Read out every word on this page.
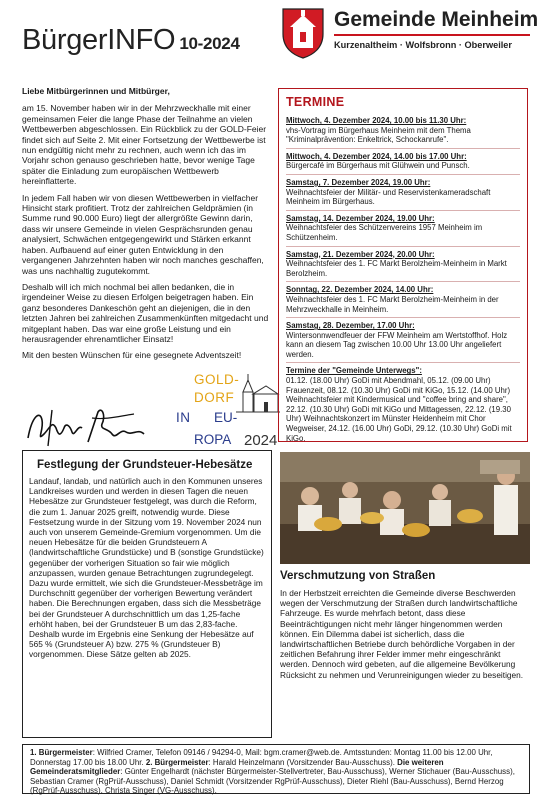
BürgerINFO 10-2024
Gemeinde Meinheim
Kurzenaltheim · Wolfsbronn · Oberweiler

Liebe Mitbürgerinnen und Mitbürger,

am 15. November haben wir in der Mehrzweckhalle mit einer gemeinsamen Feier die lange Phase der Teilnahme an vielen Wettbewerben abgeschlossen. Ein Rückblick zu der GOLD-Feier findet sich auf Seite 2. Mit einer Fortsetzung der Wettbewerbe ist nun endgültig nicht mehr zu rechnen, auch wenn ich das im Vorjahr schon genauso geschrieben hatte, bevor wenige Tage später die Einladung zum europäischen Wettbewerb hereinflatterte.

In jedem Fall haben wir von diesen Wettbewerben in vielfacher Hinsicht stark profitiert. Trotz der zahlreichen Geldprämien (in Summe rund 90.000 Euro) liegt der allergrößte Gewinn darin, dass wir unsere Gemeinde in vielen Gesprächsrunden genau analysiert, Schwächen entgegengewirkt und Stärken erkannt haben. Aufbauend auf einer guten Entwicklung in den vergangenen Jahrzehnten haben wir noch manches geschaffen, was uns nachhaltig zugutekommt.

Deshalb will ich mich nochmal bei allen bedanken, die in irgendeiner Weise zu diesen Erfolgen beigetragen haben. Ein ganz besonderes Dankeschön geht an diejenigen, die in den letzten Jahren bei zahlreichen Zusammenkünften mitgedacht und mitgeplant haben. Das war eine große Leistung und ein herausragender ehrenamtlicher Einsatz!

Mit den besten Wünschen für eine gesegnete Adventszeit!

GOLD-
DORF
IN EU-
ROPA 2024
TERMINE
Mittwoch, 4. Dezember 2024, 10.00 bis 11.30 Uhr:
vhs-Vortrag im Bürgerhaus Meinheim mit dem Thema "Kriminalprävention: Enkeltrick, Schockanrufe".
Mittwoch, 4. Dezember 2024, 14.00 bis 17.00 Uhr:
Bürgercafé im Bürgerhaus mit Glühwein und Punsch.
Samstag, 7. Dezember 2024, 19.00 Uhr:
Weihnachtsfeier der Militär- und Reservistenkameradschaft Meinheim im Bürgerhaus.
Samstag, 14. Dezember 2024, 19.00 Uhr:
Weihnachtsfeier des Schützenvereins 1957 Meinheim im Schützenheim.
Samstag, 21. Dezember 2024, 20.00 Uhr:
Weihnachtsfeier des 1. FC Markt Berolzheim-Meinheim in Markt Berolzheim.
Sonntag, 22. Dezember 2024, 14.00 Uhr:
Weihnachtsfeier des 1. FC Markt Berolzheim-Meinheim in der Mehrzweckhalle in Meinheim.
Samstag, 28. Dezember, 17.00 Uhr:
Wintersonnwendfeuer der FFW Meinheim am Wertstoffhof. Holz kann an diesem Tag zwischen 10.00 Uhr 13.00 Uhr angeliefert werden.
Termine der "Gemeinde Unterwegs":
01.12. (18.00 Uhr) GoDi mit Abendmahl, 05.12. (09.00 Uhr) Frauenzeit, 08.12. (10.30 Uhr) GoDi mit KiGo, 15.12. (14.00 Uhr) Weihnachtsfeier mit Kindermusical und "coffee bring and share", 22.12. (10.30 Uhr) GoDi mit KiGo und Mittagessen, 22.12. (19.30 Uhr) Weihnachtskonzert im Münster Heidenheim mit Chor Wegweiser, 24.12. (16.00 Uhr) GoDi, 29.12. (10.30 Uhr) GoDi mit KiGo.
Festlegung der Grundsteuer-Hebesätze

Landauf, landab, und natürlich auch in den Kommunen unseres Landkreises wurden und werden in diesen Tagen die neuen Hebesätze zur Grundsteuer festgelegt, was durch die Reform, die zum 1. Januar 2025 greift, notwendig wurde. Diese Festsetzung wurde in der Sitzung vom 19. November 2024 nun auch von unserem Gemeinde-Gremium vorgenommen. Um die neuen Hebesätze für die beiden Grundsteuern A (landwirtschaftliche Grundstücke) und B (sonstige Grundstücke) gegenüber der vorherigen Situation so fair wie möglich anzupassen, wurden genaue Betrachtungen zugrundegelegt. Dazu wurde ermittelt, wie sich die Grundsteuer-Messbeträge im Durchschnitt gegenüber der vorherigen Bewertung verändert haben. Die Berechnungen ergaben, dass sich die Messbeträge bei der Grundsteuer A durchschnittlich um das 1,25-fache erhöht haben, bei der Grundsteuer B um das 2,83-fache. Deshalb wurde im Ergebnis eine Senkung der Hebesätze auf 565 % (Grundsteuer A) bzw. 275 % (Grundsteuer B) vorgenommen. Diese Sätze gelten ab 2025.

Verschmutzung von Straßen

In der Herbstzeit erreichten die Gemeinde diverse Beschwerden wegen der Verschmutzung der Straßen durch landwirtschaftliche Fahrzeuge. Es wurde mehrfach betont, dass diese Beeinträchtigungen nicht mehr länger hingenommen werden können. Ein Dilemma dabei ist sicherlich, dass die landwirtschaftlichen Betriebe durch behördliche Vorgaben in der zeitlichen Befahrung ihrer Felder immer mehr eingeschränkt werden. Dennoch wird gebeten, auf die allgemeine Bevölkerung Rücksicht zu nehmen und Verunreinigungen wieder zu beseitigen.

1. Bürgermeister: Wilfried Cramer, Telefon 09146 / 94294-0, Mail: bgm.cramer@web.de. Amtsstunden: Montag 11.00 bis 12.00 Uhr, Donnerstag 17.00 bis 18.00 Uhr. 2. Bürgermeister: Harald Heinzelmann (Vorsitzender Bau-Ausschuss). Die weiteren Gemeinderatsmitglieder: Günter Engelhardt (nächster Bürgermeister-Stellvertreter, Bau-Ausschuss), Werner Stichauer (Bau-Ausschuss), Sebastian Cramer (RgPrüf-Ausschuss), Daniel Schmidt (Vorsitzender RgPrüf-Ausschuss), Dieter Riehl (Bau-Ausschuss), Bernd Herzog (RgPrüf-Ausschuss), Christa Singer (VG-Ausschuss).
